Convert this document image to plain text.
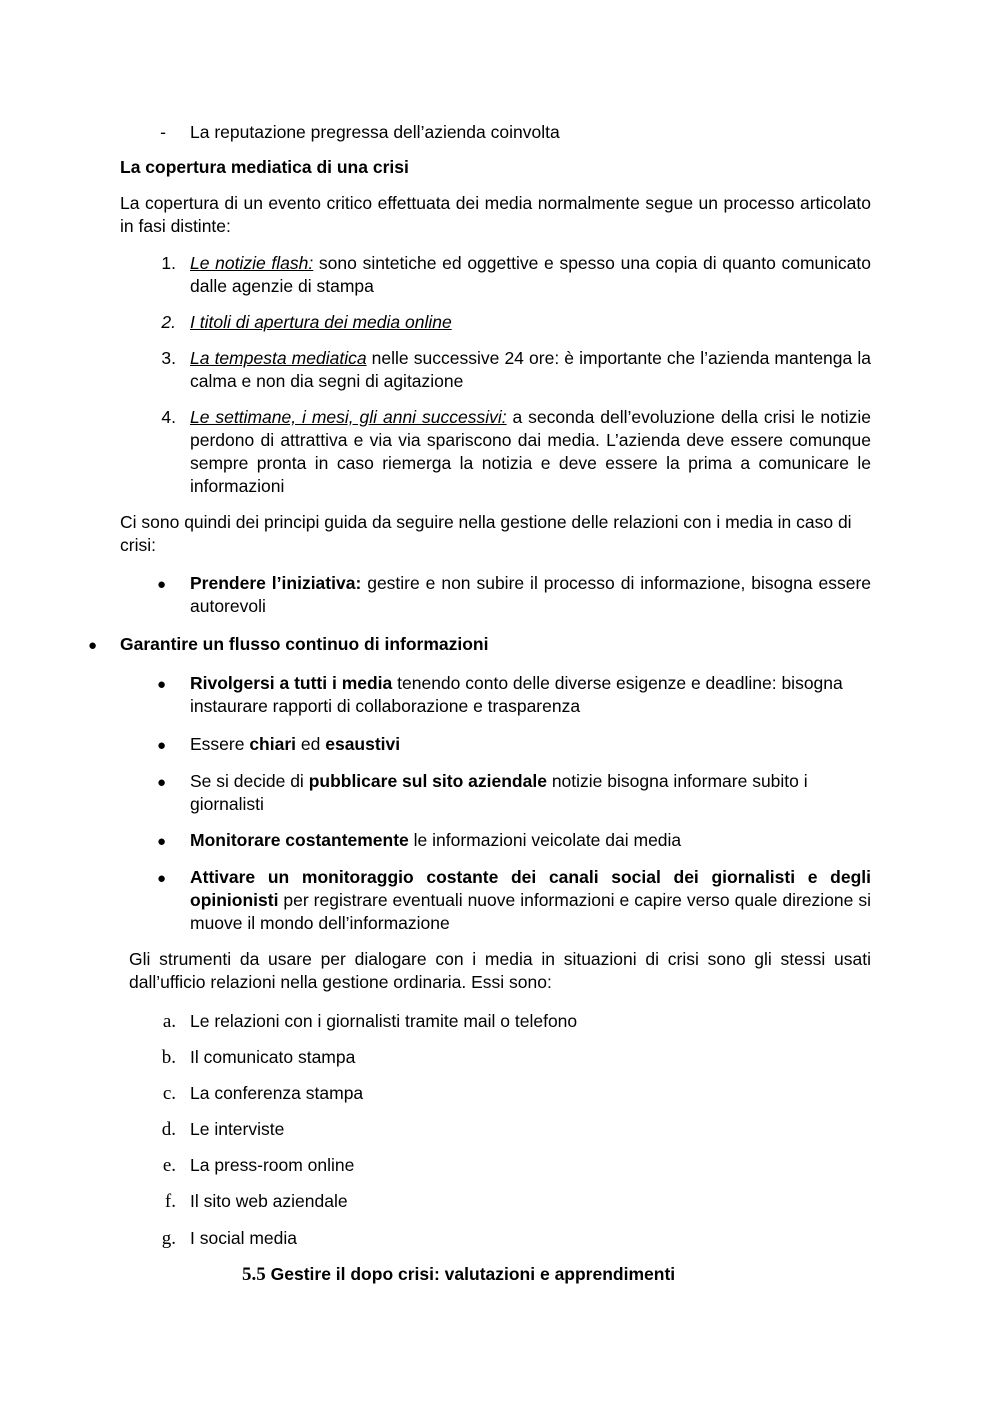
- La reputazione pregressa dell’azienda coinvolta

La copertura mediatica di una crisi

La copertura di un evento critico effettuata dei media normalmente segue un processo articolato in fasi distinte:

1. Le notizie flash: sono sintetiche ed oggettive e spesso una copia di quanto comunicato dalle agenzie di stampa

2. I titoli di apertura dei media online

3. La tempesta mediatica nelle successive 24 ore: è importante che l’azienda mantenga la calma e non dia segni di agitazione

4. Le settimane, i mesi, gli anni successivi: a seconda dell’evoluzione della crisi le notizie perdono di attrattiva e via via spariscono dai media. L’azienda deve essere comunque sempre pronta in caso riemerga la notizia e deve essere la prima a comunicare le informazioni

Ci sono quindi dei principi guida da seguire nella gestione delle relazioni con i media in caso di crisi:

● Prendere l’iniziativa: gestire e non subire il processo di informazione, bisogna essere autorevoli

● Garantire un flusso continuo di informazioni

● Rivolgersi a tutti i media tenendo conto delle diverse esigenze e deadline: bisogna instaurare rapporti di collaborazione e trasparenza

● Essere chiari ed esaustivi

● Se si decide di pubblicare sul sito aziendale notizie bisogna informare subito i giornalisti

● Monitorare costantemente le informazioni veicolate dai media

● Attivare un monitoraggio costante dei canali social dei giornalisti e degli opinionisti per registrare eventuali nuove informazioni e capire verso quale direzione si muove il mondo dell’informazione

Gli strumenti da usare per dialogare con i media in situazioni di crisi sono gli stessi usati dall’ufficio relazioni nella gestione ordinaria. Essi sono:

a. Le relazioni con i giornalisti tramite mail o telefono

b. Il comunicato stampa

c. La conferenza stampa

d. Le interviste

e. La press-room online

f. Il sito web aziendale

g. I social media

5.5 Gestire il dopo crisi: valutazioni e apprendimenti
